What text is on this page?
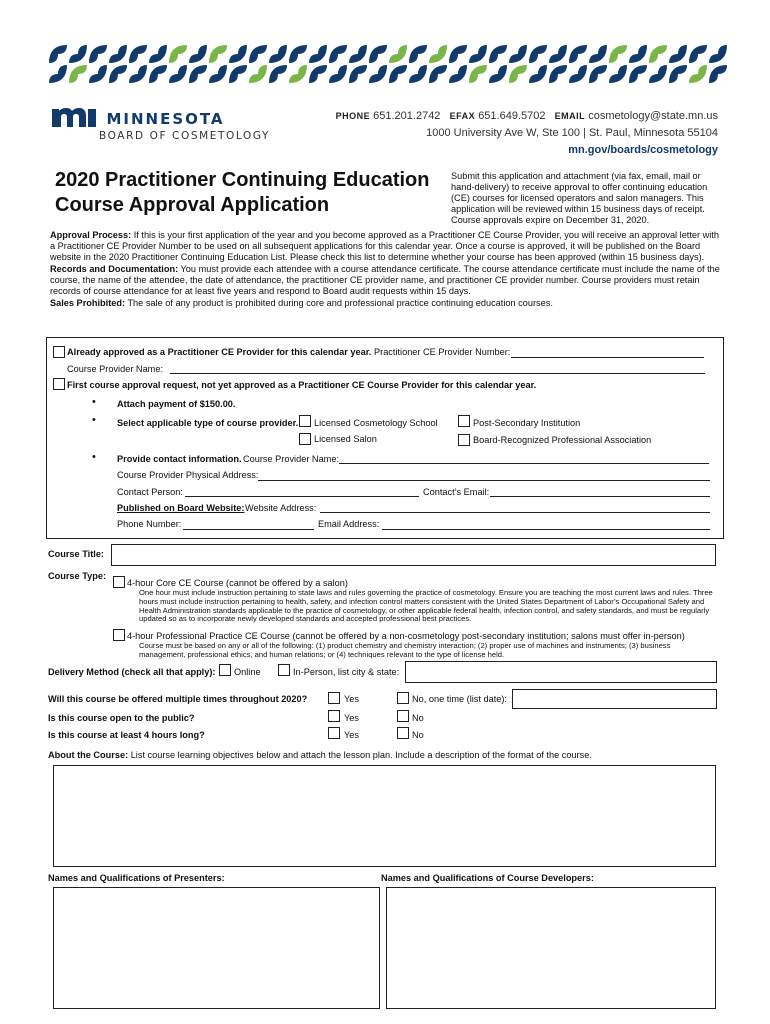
MINNESOTA
BOARD OF COSMETOLOGY
PHONE 651.201.2742 EFAX 651.649.5702 EMAIL cosmetology@state.mn.us
1000 University Ave W, Ste 100 | St. Paul, Minnesota 55104
mn.gov/boards/cosmetology
2020 Practitioner Continuing Education
Course Approval Application
Submit this application and attachment (via fax, email, mail or hand-delivery) to receive approval to offer continuing education (CE) courses for licensed operators and salon managers. This application will be reviewed within 15 business days of receipt. Course approvals expire on December 31, 2020.
Approval Process: If this is your first application of the year and you become approved as a Practitioner CE Course Provider, you will receive an approval letter with a Practitioner CE Provider Number to be used on all subsequent applications for this calendar year. Once a course is approved, it will be published on the Board website in the 2020 Practitioner Continuing Education List. Please check this list to determine whether your course has been approved (within 15 business days).
Records and Documentation: You must provide each attendee with a course attendance certificate. The course attendance certificate must include the name of the course, the name of the attendee, the date of attendance, the practitioner CE provider name, and practitioner CE provider number. Course providers must retain records of course attendance for at least five years and respond to Board audit requests within 15 days.
Sales Prohibited: The sale of any product is prohibited during core and professional practice continuing education courses.
Already approved as a Practitioner CE Provider for this calendar year. Practitioner CE Provider Number:
Course Provider Name:
First course approval request, not yet approved as a Practitioner CE Course Provider for this calendar year.
• Attach payment of $150.00.
• Select applicable type of course provider. Licensed Cosmetology School	Post-Secondary Institution
Licensed Salon	Board-Recognized Professional Association
• Provide contact information. Course Provider Name:
Course Provider Physical Address:
Contact Person:	Contact’s Email:
Published on Board Website: Website Address:
Phone Number:	Email Address:
Course Title:
Course Type:
4-hour Core CE Course (cannot be offered by a salon)
One hour must include instruction pertaining to state laws and rules governing the practice of cosmetology. Ensure you are teaching the most current laws and rules. Three hours must include instruction pertaining to health, safety, and infection control matters consistent with the United States Department of Labor’s Occupational Safety and Health Administration standards applicable to the practice of cosmetology, or other applicable federal health, infection control, and safety standards, and must be regularly updated so as to incorporate newly developed standards and accepted professional best practices.
4-hour Professional Practice CE Course (cannot be offered by a non-cosmetology post-secondary institution; salons must offer in-person)
Course must be based on any or all of the following: (1) product chemistry and chemistry interaction; (2) proper use of machines and instruments; (3) business management, professional ethics, and human relations; or (4) techniques relevant to the type of license held.
Delivery Method (check all that apply): Online	In-Person, list city & state:
Will this course be offered multiple times throughout 2020?	Yes	No, one time (list date):
Is this course open to the public?	Yes	No
Is this course at least 4 hours long?	Yes	No
About the Course: List course learning objectives below and attach the lesson plan. Include a description of the format of the course.
Names and Qualifications of Presenters:	Names and Qualifications of Course Developers:
